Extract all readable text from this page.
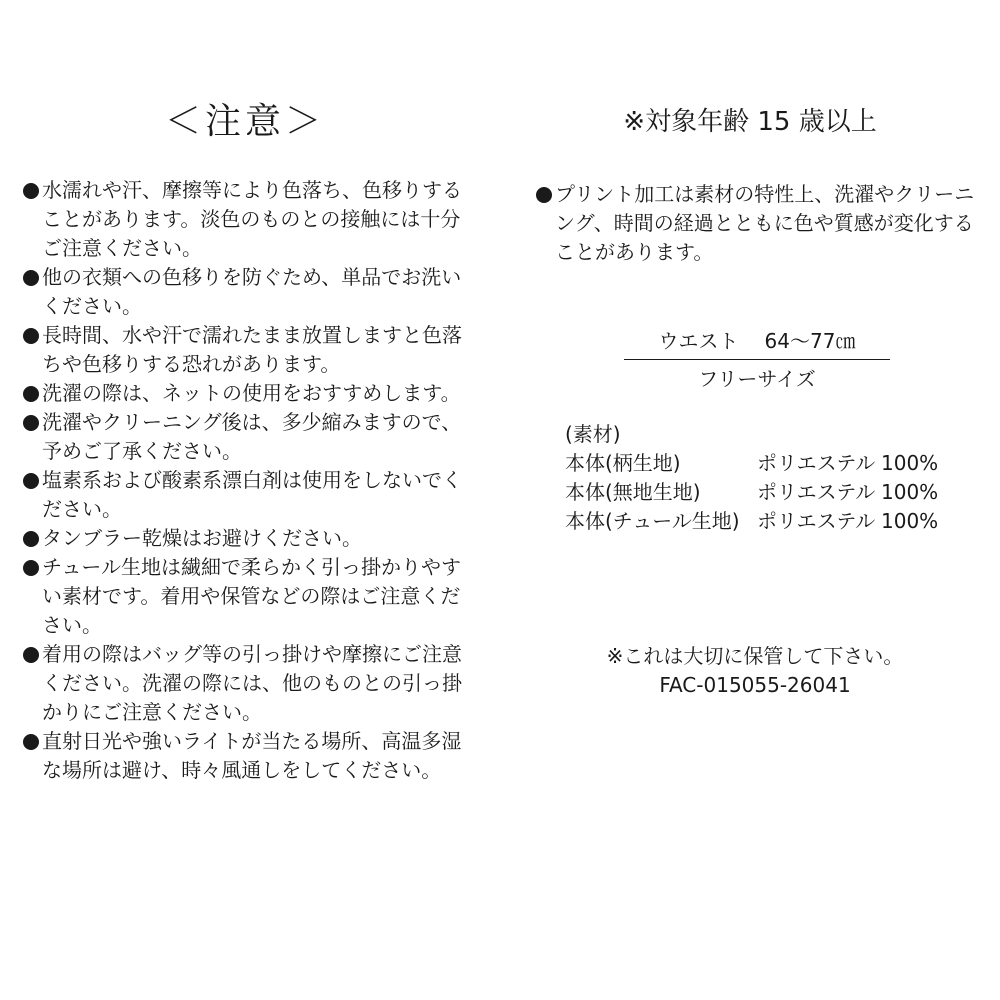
＜注意＞	※対象年齢 15 歳以上
水濡れや汗、摩擦等により色落ち、色移りすることがあります。淡色のものとの接触には十分ご注意ください。
他の衣類への色移りを防ぐため、単品でお洗いください。
長時間、水や汗で濡れたまま放置しますと色落ちや色移りする恐れがあります。
洗濯の際は、ネットの使用をおすすめします。
洗濯やクリーニング後は、多少縮みますので、予めご了承ください。
塩素系および酸素系漂白剤は使用をしないでください。
タンブラー乾燥はお避けください。
チュール生地は繊細で柔らかく引っ掛かりやすい素材です。着用や保管などの際はご注意ください。
着用の際はバッグ等の引っ掛けや摩擦にご注意ください。洗濯の際には、他のものとの引っ掛かりにご注意ください。
直射日光や強いライトが当たる場所、高温多湿な場所は避け、時々風通しをしてください。
プリント加工は素材の特性上、洗濯やクリーニング、時間の経過とともに色や質感が変化することがあります。
ウエスト 64〜77㎝
フリーサイズ
(素材)
本体(柄生地)	ポリエステル 100%
本体(無地生地)	ポリエステル 100%
本体(チュール生地) ポリエステル 100%
※これは大切に保管して下さい。
FAC-015055-26041
